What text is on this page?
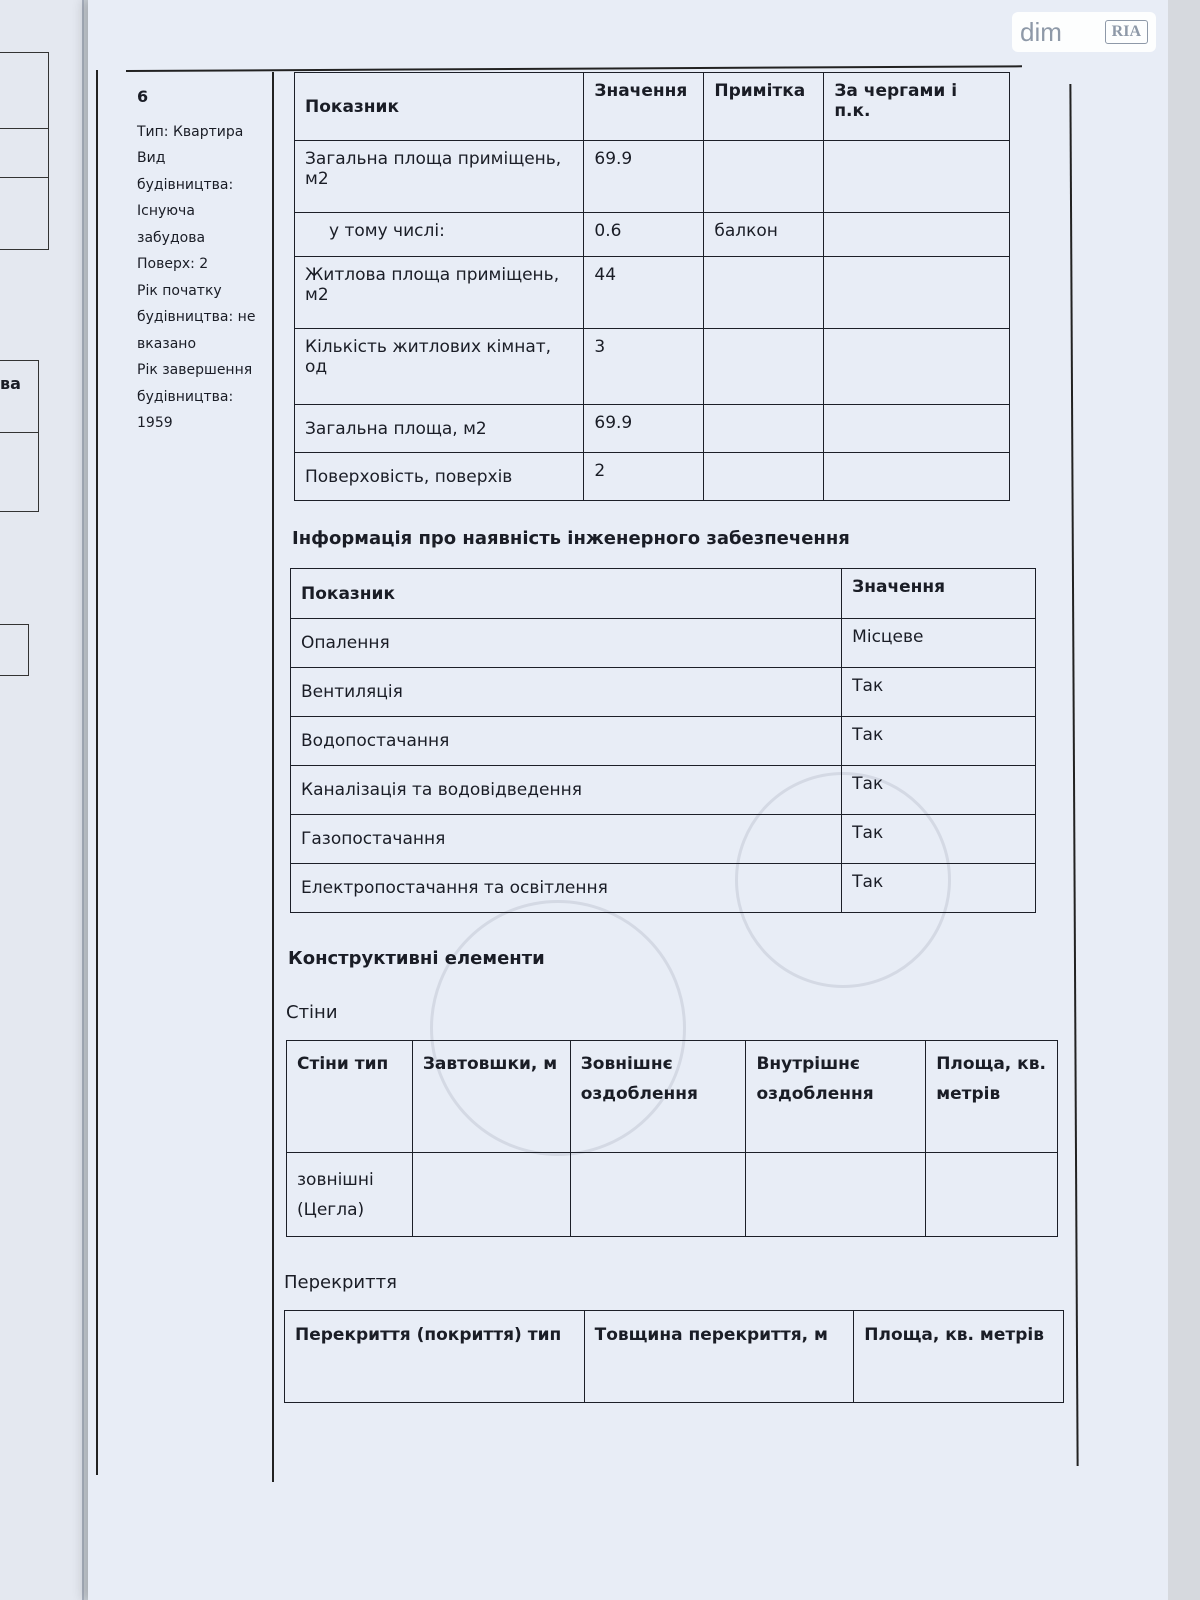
ва
6
Тип: Квартира
Вид
будівництва:
Існуюча
забудова
Поверх: 2
Рік початку
будівництва: не
вказано
Рік завершення
будівництва:
1959
Показник	Значення	Примітка	За чергами і п.к.
Загальна площа приміщень, м2	69.9		
у тому числі:	0.6	балкон	
Житлова площа приміщень, м2	44		
Кількість житлових кімнат, од	3		
Загальна площа, м2	69.9		
Поверховість, поверхів	2		
Інформація про наявність інженерного забезпечення
Показник	Значення
Опалення	Місцеве
Вентиляція	Так
Водопостачання	Так
Каналізація та водовідведення	Так
Газопостачання	Так
Електропостачання та освітлення	Так
Конструктивні елементи
Стіни
Стіни тип	Завтовшки, м	Зовнішнє оздоблення	Внутрішнє оздоблення	Площа, кв. метрів
зовнішні (Цегла)				
Перекриття
Перекриття (покриття) тип	Товщина перекриття, м	Площа, кв. метрів
dim	RIA
